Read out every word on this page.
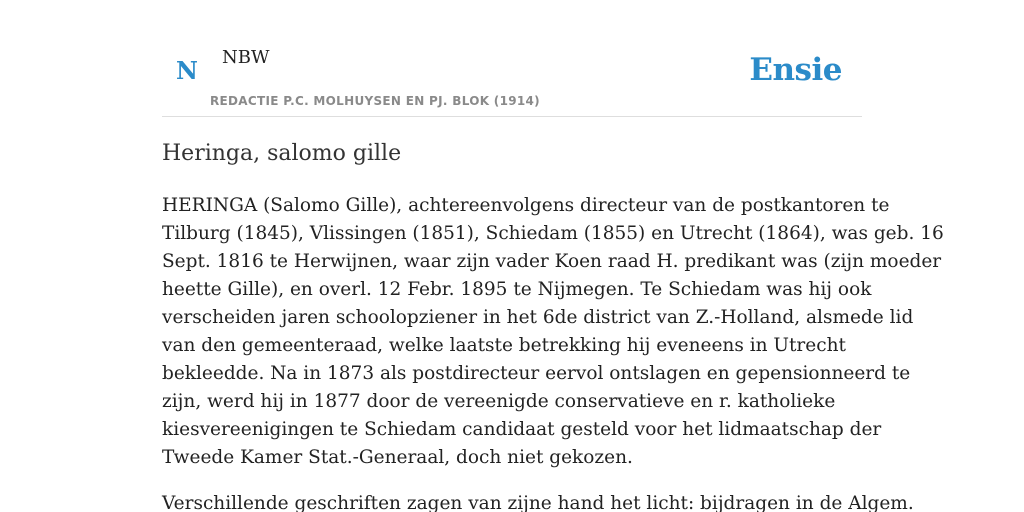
N NBW
REDACTIE P.C. MOLHUYSEN EN PJ. BLOK (1914)
Ensie
Heringa, salomo gille

HERINGA (Salomo Gille), achtereenvolgens directeur van de postkantoren te
Tilburg (1845), Vlissingen (1851), Schiedam (1855) en Utrecht (1864), was geb. 16
Sept. 1816 te Herwijnen, waar zijn vader Koen raad H. predikant was (zijn moeder
heette Gille), en overl. 12 Febr. 1895 te Nijmegen. Te Schiedam was hij ook
verscheiden jaren schoolopziener in het 6de district van Z.-Holland, alsmede lid
van den gemeenteraad, welke laatste betrekking hij eveneens in Utrecht
bekleedde. Na in 1873 als postdirecteur eervol ontslagen en gepensionneerd te
zijn, werd hij in 1877 door de vereenigde conservatieve en r. katholieke
kiesvereenigingen te Schiedam candidaat gesteld voor het lidmaatschap der
Tweede Kamer Stat.-Generaal, doch niet gekozen.

Verschillende geschriften zagen van zijne hand het licht: bijdragen in de Algem.
